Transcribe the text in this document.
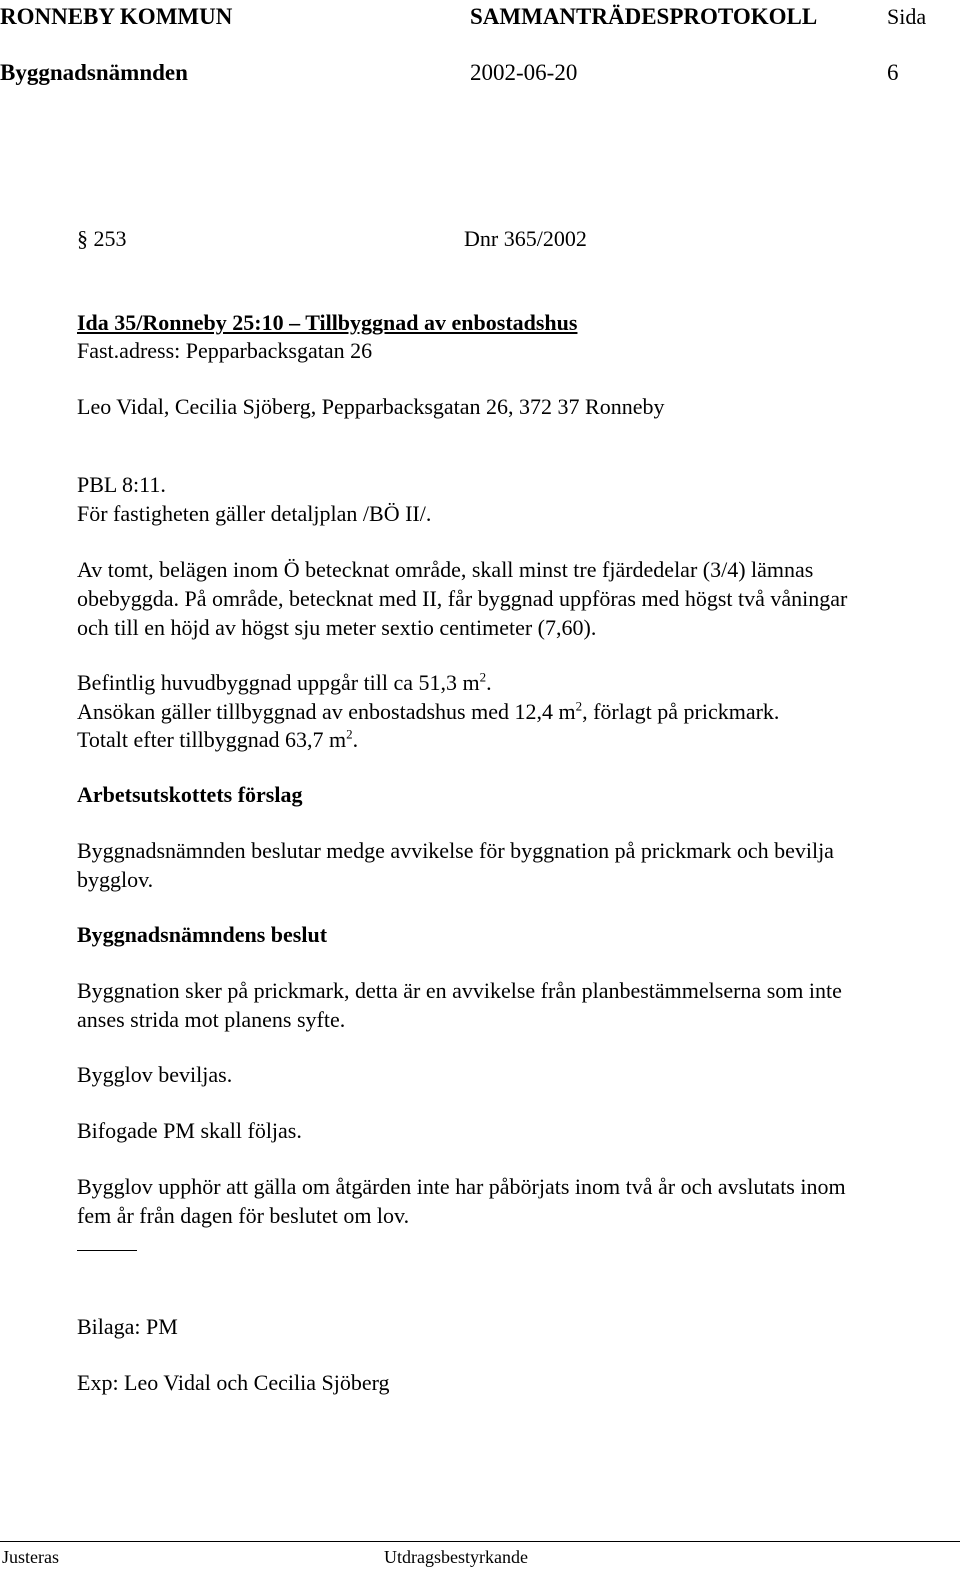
RONNEBY KOMMUN	SAMMANTRÄDESPROTOKOLL	Sida
Byggnadsnämnden	2002-06-20	6
§ 253	Dnr 365/2002
Ida 35/Ronneby 25:10 – Tillbyggnad av enbostadshus
Fast.adress: Pepparbacksgatan 26
Leo Vidal, Cecilia Sjöberg, Pepparbacksgatan 26, 372 37 Ronneby
PBL 8:11.
För fastigheten gäller detaljplan /BÖ II/.
Av tomt, belägen inom Ö betecknat område, skall minst tre fjärdedelar (3/4) lämnas
obebyggda. På område, betecknat med II, får byggnad uppföras med högst två våningar
och till en höjd av högst sju meter sextio centimeter (7,60).
Befintlig huvudbyggnad uppgår till ca 51,3 $m^2$.
Ansökan gäller tillbyggnad av enbostadshus med 12,4 $m^2$, förlagt på prickmark.
Totalt efter tillbyggnad 63,7 $m^2$.
Arbetsutskottets förslag
Byggnadsnämnden beslutar medge avvikelse för byggnation på prickmark och bevilja
bygglov.
Byggnadsnämndens beslut
Byggnation sker på prickmark, detta är en avvikelse från planbestämmelserna som inte
anses strida mot planens syfte.
Bygglov beviljas.
Bifogade PM skall följas.
Bygglov upphör att gälla om åtgärden inte har påbörjats inom två år och avslutats inom
fem år från dagen för beslutet om lov.
Bilaga: PM
Exp: Leo Vidal och Cecilia Sjöberg
Justeras	Utdragsbestyrkande
